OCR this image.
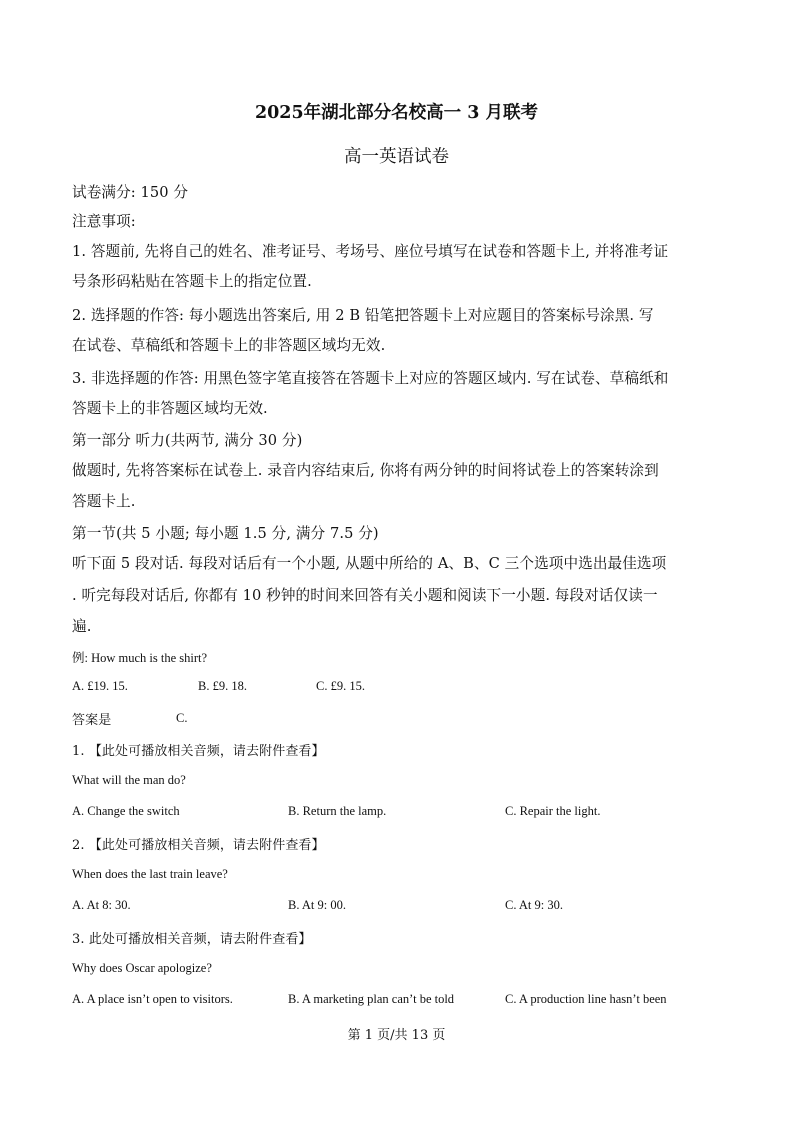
2025年湖北部分名校高一 3 月联考
高一英语试卷
试卷满分: 150 分
注意事项:
1. 答题前, 先将自己的姓名、准考证号、考场号、座位号填写在试卷和答题卡上, 并将准考证
号条形码粘贴在答题卡上的指定位置.
2. 选择题的作答: 每小题选出答案后, 用 2 B 铅笔把答题卡上对应题目的答案标号涂黑. 写
在试卷、草稿纸和答题卡上的非答题区域均无效.
3. 非选择题的作答: 用黑色签字笔直接答在答题卡上对应的答题区域内. 写在试卷、草稿纸和
答题卡上的非答题区域均无效.
第一部分 听力(共两节, 满分 30 分)
做题时, 先将答案标在试卷上. 录音内容结束后, 你将有两分钟的时间将试卷上的答案转涂到
答题卡上.
第一节(共 5 小题; 每小题 1.5 分, 满分 7.5 分)
听下面 5 段对话. 每段对话后有一个小题, 从题中所给的 A、B、C 三个选项中选出最佳选项
. 听完每段对话后, 你都有 10 秒钟的时间来回答有关小题和阅读下一小题. 每段对话仅读一
遍.
例: How much is the shirt?
A. £19. 15.	B. £9. 18.	C. £9. 15.
答案是	C.
1. 【此处可播放相关音频，请去附件查看】
What will the man do?
A. Change the switch	B. Return the lamp.	C. Repair the light.
2. 【此处可播放相关音频，请去附件查看】
When does the last train leave?
A. At 8: 30.	B. At 9: 00.	C. At 9: 30.
3. 此处可播放相关音频，请去附件查看】
Why does Oscar apologize?
A. A place isn’t open to visitors.	B. A marketing plan can’t be told	C. A production line hasn’t been
第 1 页/共 13 页
